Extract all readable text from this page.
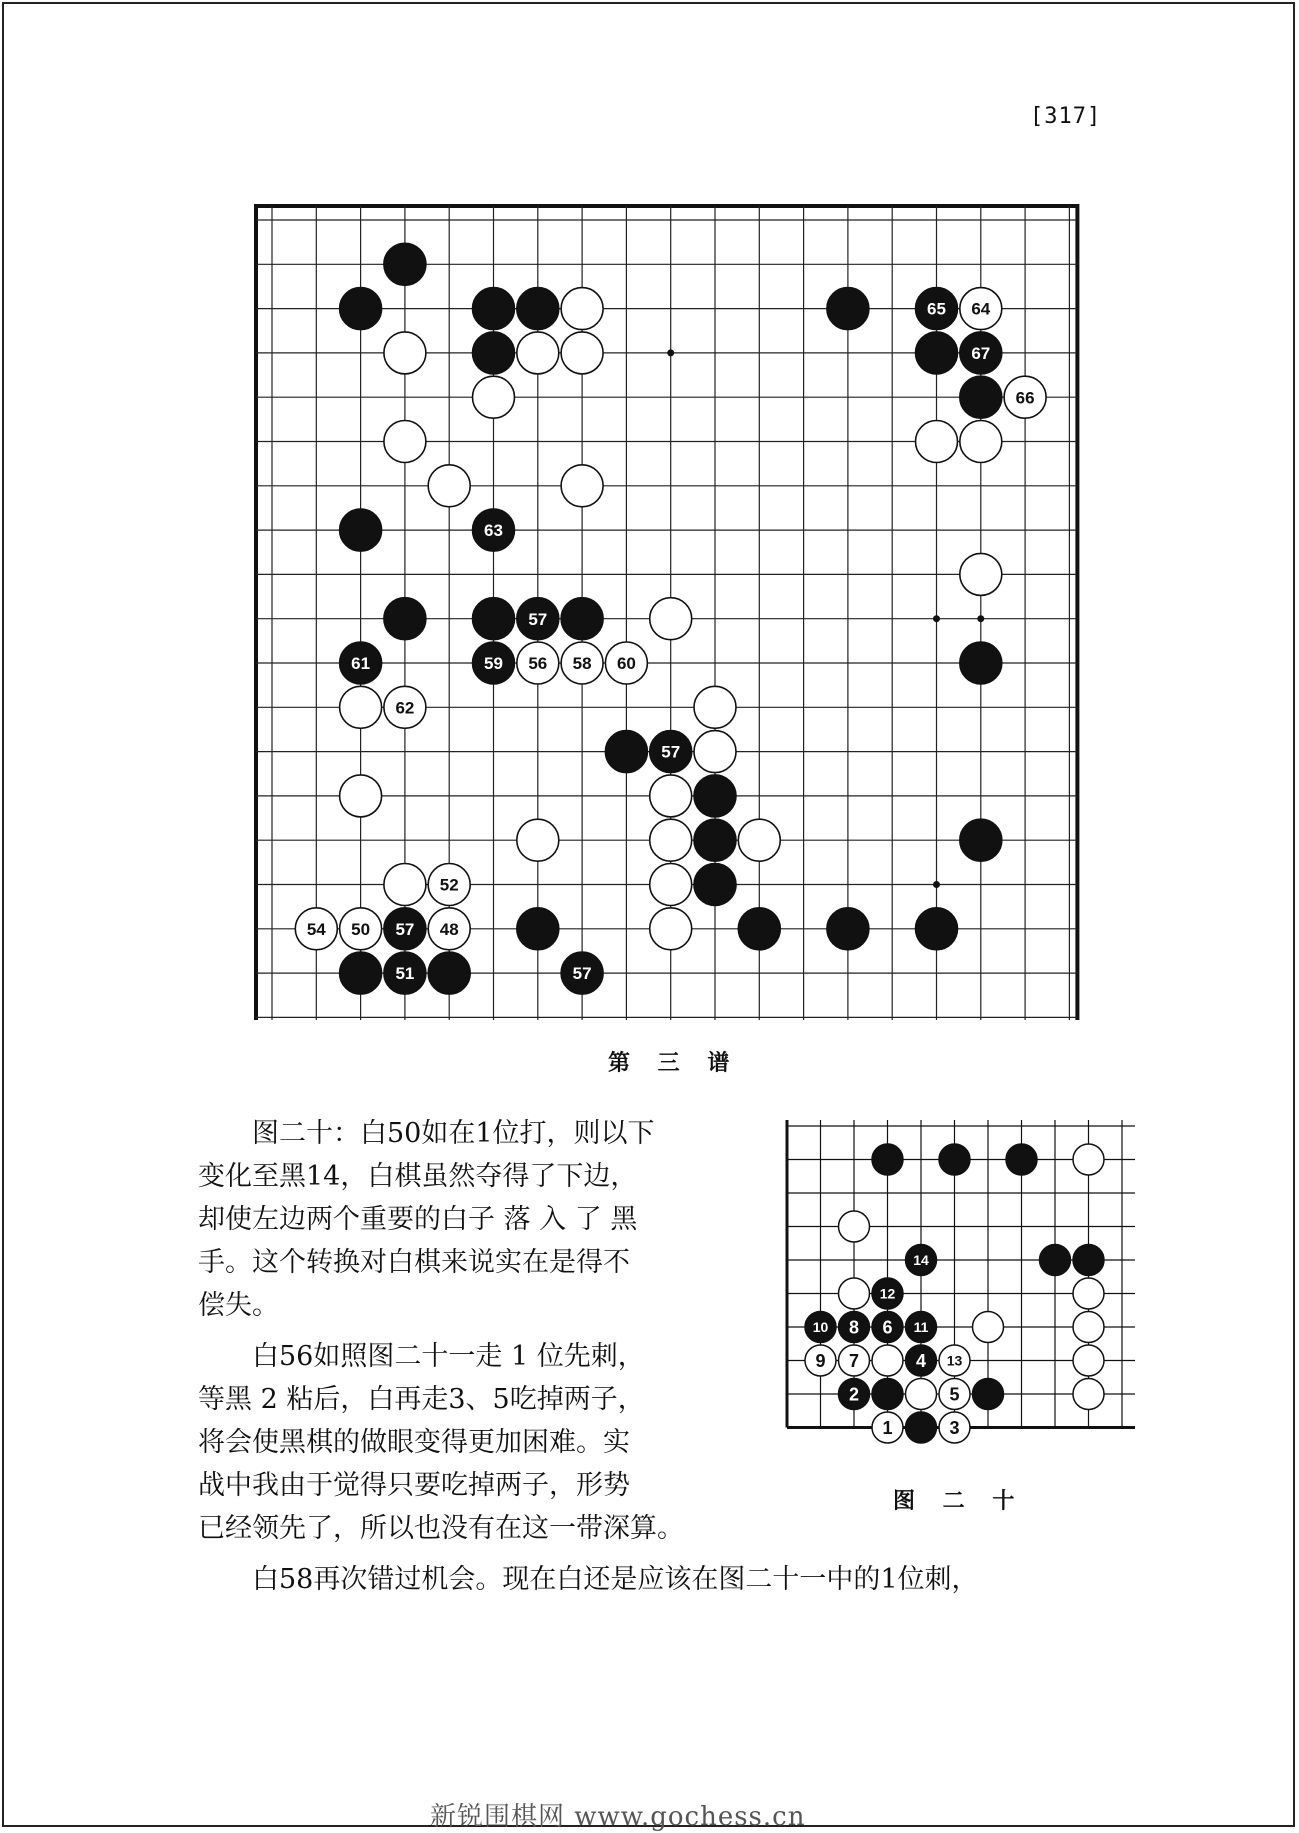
[317]
65 64
67
66
63
57
61	59 56 58 60
62
57
52
54 50 57 48
51	57
第 三 谱
14
12
10 8 6 11
9 7	4 13
2	5
1	3
图 二 十

　　图二十：白50如在1位打，则以下

变化至黑14，白棋虽然夺得了下边，

却使左边两个重要的白子 落 入 了 黑

手。这个转换对白棋来说实在是得不

偿失。

　　白56如照图二十一走 1 位先刺，

等黑 2 粘后，白再走3、5吃掉两子，

将会使黑棋的做眼变得更加困难。实

战中我由于觉得只要吃掉两子，形势

已经领先了，所以也没有在这一带深算。

　　白58再次错过机会。现在白还是应该在图二十一中的1位刺，

新锐围棋网 www.gochess.cn
